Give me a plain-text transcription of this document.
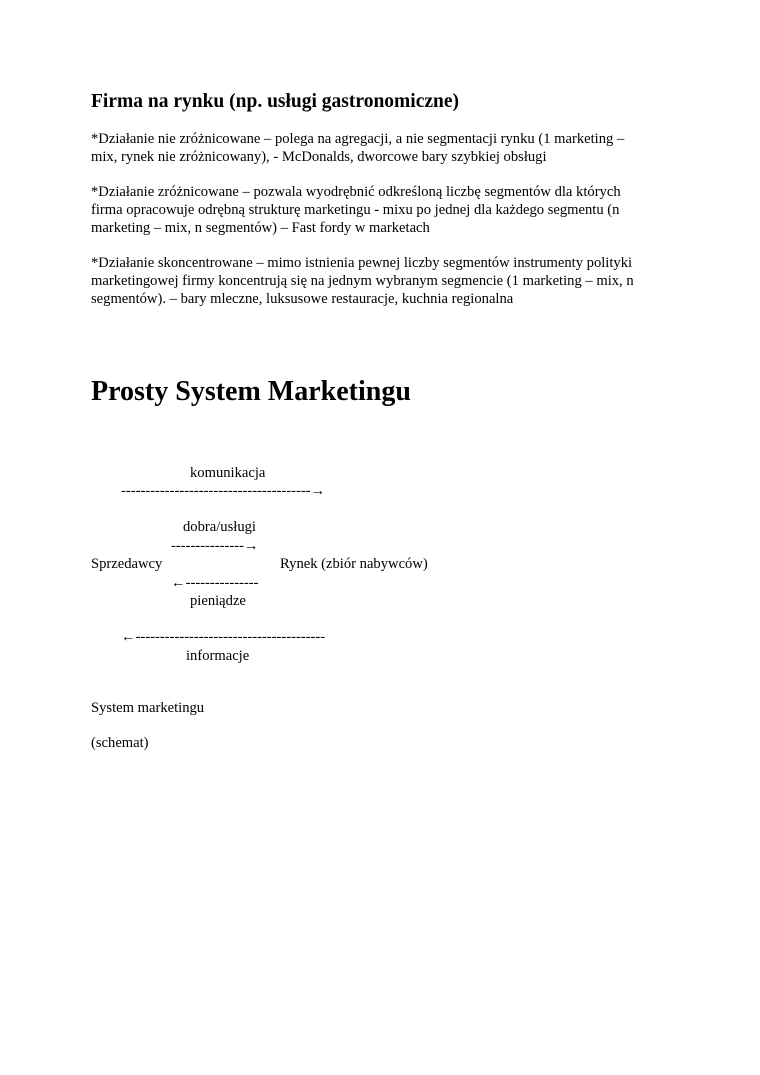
Firma na rynku (np. usługi gastronomiczne)
*Działanie nie zróżnicowane – polega na agregacji, a nie segmentacji rynku (1 marketing –
mix, rynek nie zróżnicowany), - McDonalds, dworcowe bary szybkiej obsługi
*Działanie zróżnicowane – pozwala wyodrębnić odkreśloną liczbę segmentów dla których
firma opracowuje odrębną strukturę marketingu - mixu po jednej dla każdego segmentu (n
marketing – mix, n segmentów) – Fast fordy w marketach
*Działanie skoncentrowane – mimo istnienia pewnej liczby segmentów instrumenty polityki
marketingowej firmy koncentrują się na jednym wybranym segmencie (1 marketing – mix, n
segmentów). – bary mleczne, luksusowe restauracje, kuchnia regionalna
Prosty System Marketingu
komunikacja
---------------------------------------→
dobra/usługi
---------------→
Sprzedawcy	Rynek (zbiór nabywców)
←---------------
pieniądze
←---------------------------------------
informacje
System marketingu
(schemat)
